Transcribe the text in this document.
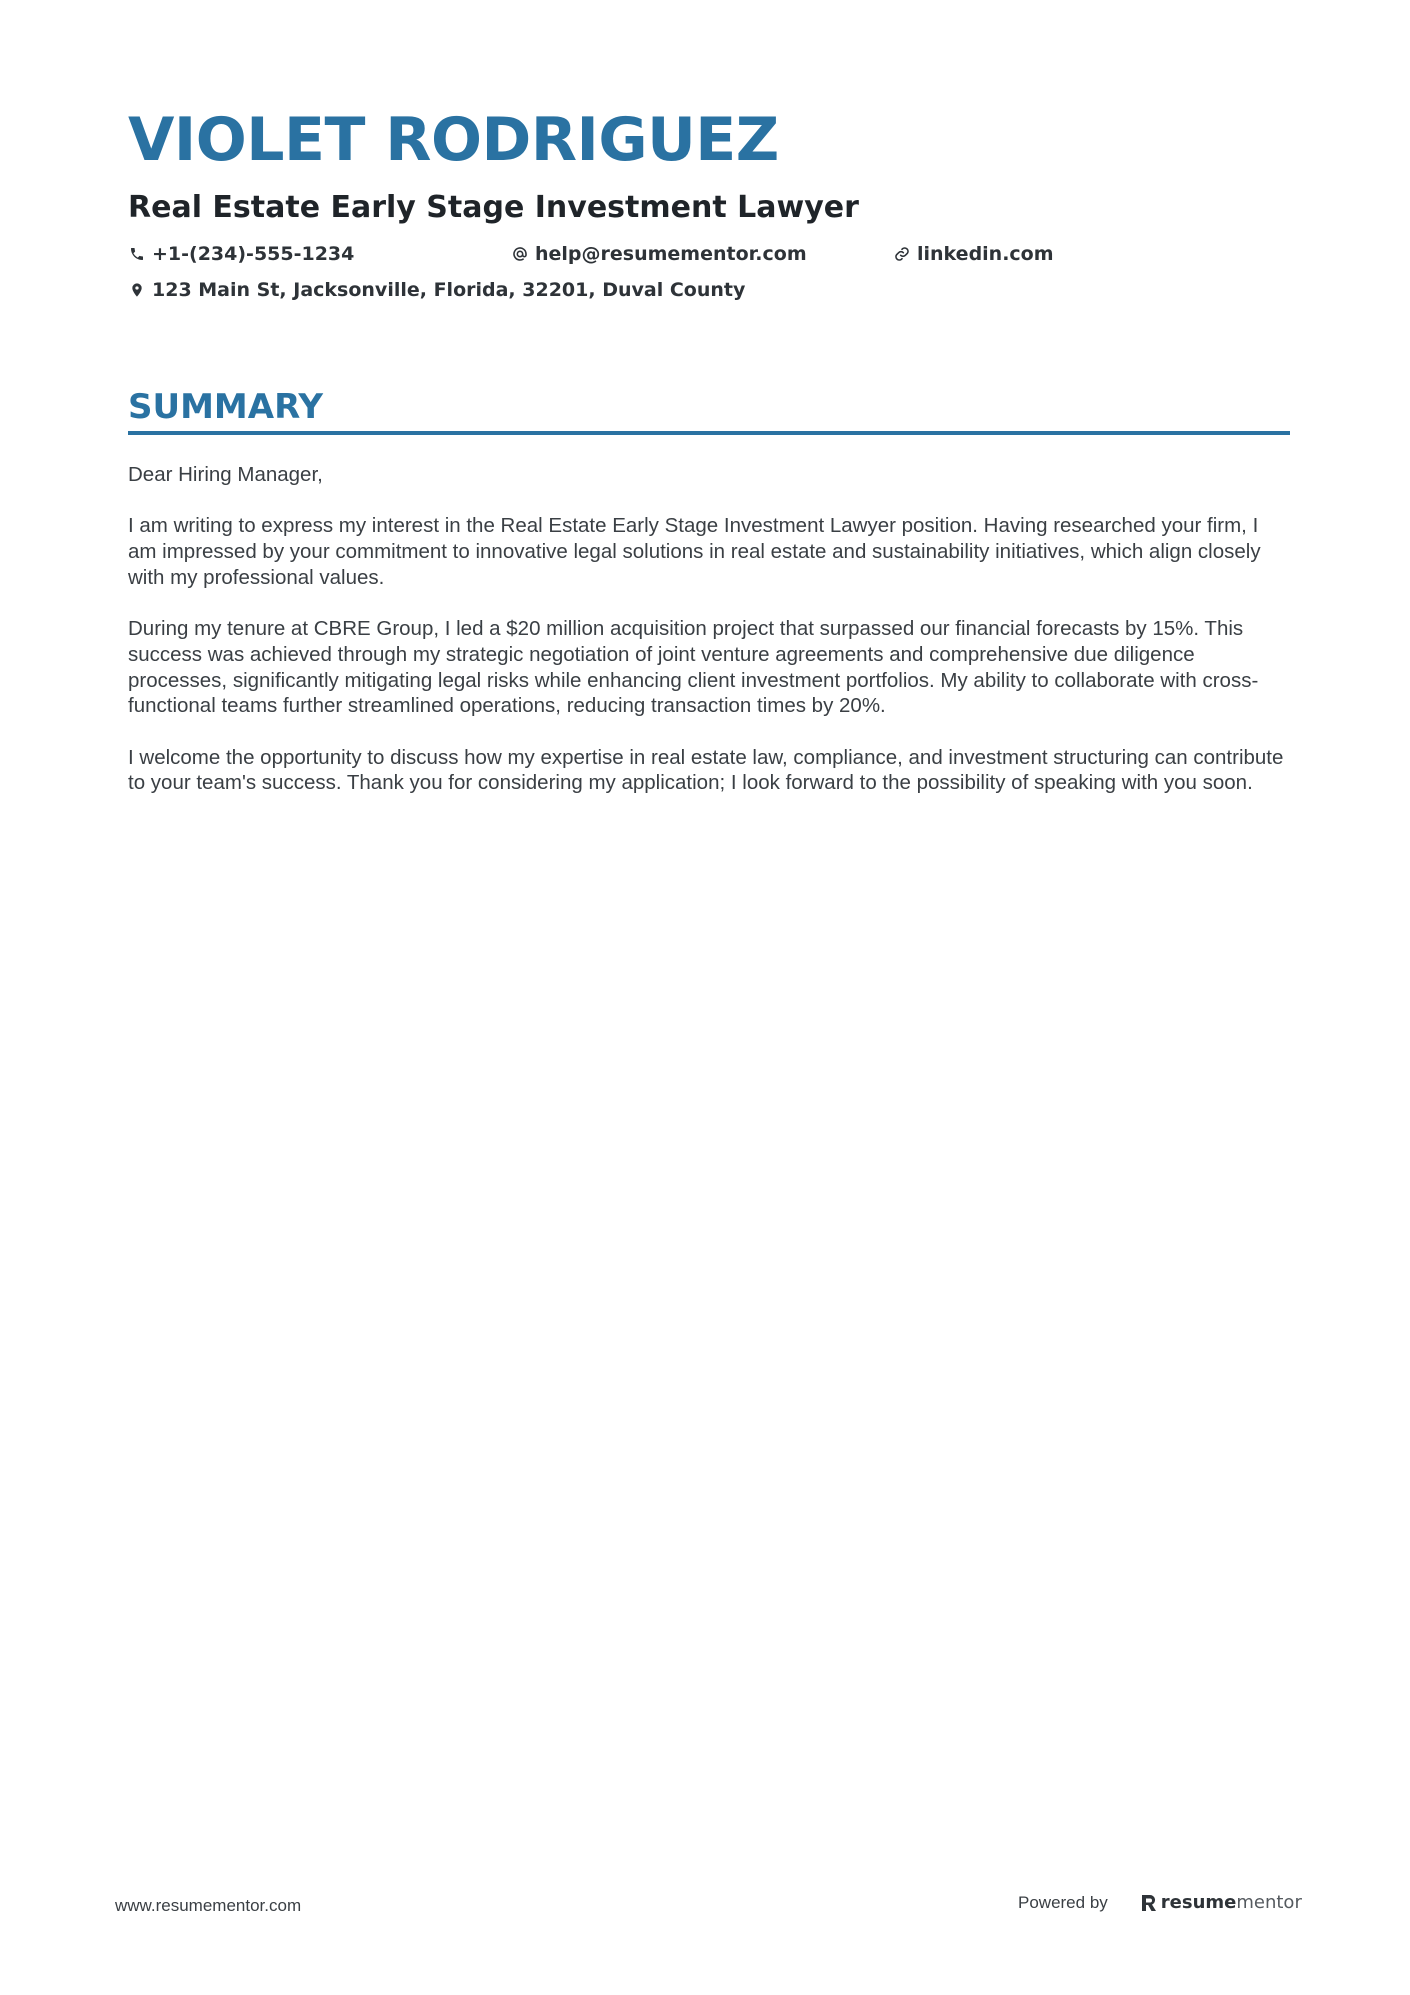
VIOLET RODRIGUEZ
Real Estate Early Stage Investment Lawyer
+1-(234)-555-1234	help@resumementor.com	linkedin.com
123 Main St, Jacksonville, Florida, 32201, Duval County
SUMMARY

Dear Hiring Manager,

I am writing to express my interest in the Real Estate Early Stage Investment Lawyer position. Having researched your firm, I am impressed by your commitment to innovative legal solutions in real estate and sustainability initiatives, which align closely with my professional values.

During my tenure at CBRE Group, I led a $20 million acquisition project that surpassed our financial forecasts by 15%. This success was achieved through my strategic negotiation of joint venture agreements and comprehensive due diligence processes, significantly mitigating legal risks while enhancing client investment portfolios. My ability to collaborate with cross-functional teams further streamlined operations, reducing transaction times by 20%.

I welcome the opportunity to discuss how my expertise in real estate law, compliance, and investment structuring can contribute to your team's success. Thank you for considering my application; I look forward to the possibility of speaking with you soon.

www.resumementor.com	Powered by	resume mentor
